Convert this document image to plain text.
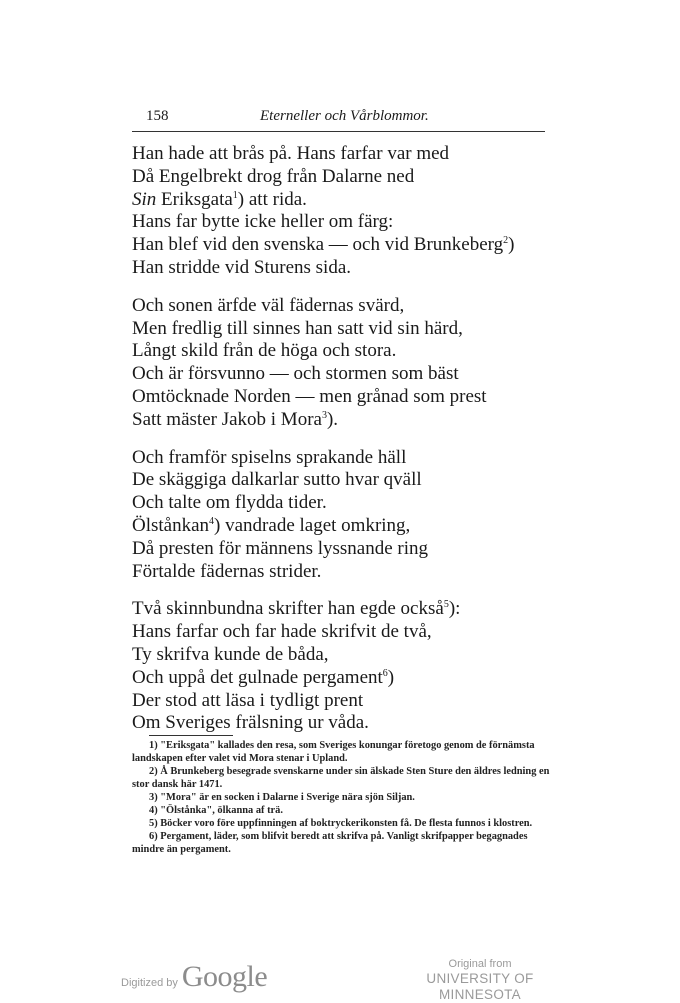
158	Eterneller och Vårblommor.
Han hade att brås på. Hans farfar var med
Då Engelbrekt drog från Dalarne ned
Sin Eriksgata$^1$) att rida.
Hans far bytte icke heller om färg:
Han blef vid den svenska — och vid Brunkeberg$^2$)
Han stridde vid Sturens sida.
Och sonen ärfde väl fädernas svärd,
Men fredlig till sinnes han satt vid sin härd,
Långt skild från de höga och stora.
Och är försvunno — och stormen som bäst
Omtöcknade Norden — men grånad som prest
Satt mäster Jakob i Mora$^3$).
Och framför spiselns sprakande häll
De skäggiga dalkarlar sutto hvar qväll
Och talte om flydda tider.
Ölstånkan$^4$) vandrade laget omkring,
Då presten för männens lyssnande ring
Förtalde fädernas strider.
Två skinnbundna skrifter han egde också$^5$):
Hans farfar och far hade skrifvit de två,
Ty skrifva kunde de båda,
Och uppå det gulnade pergament$^6$)
Der stod att läsa i tydligt prent
Om Sveriges frälsning ur våda.

1) "Eriksgata" kallades den resa, som Sveriges konungar företogo genom de förnämsta landskapen efter valet vid Mora stenar i Upland.

2) Å Brunkeberg besegrade svenskarne under sin älskade Sten Sture den äldres ledning en stor dansk här 1471.

3) "Mora" är en socken i Dalarne i Sverige nära sjön Siljan.

4) "Ölstånka", ölkanna af trä.

5) Böcker voro före uppfinningen af boktryckerikonsten få. De flesta funnos i klostren.

6) Pergament, läder, som blifvit beredt att skrifva på. Vanligt skrifpapper begagnades mindre än pergament.

Digitized by Google	Original from
UNIVERSITY OF MINNESOTA
